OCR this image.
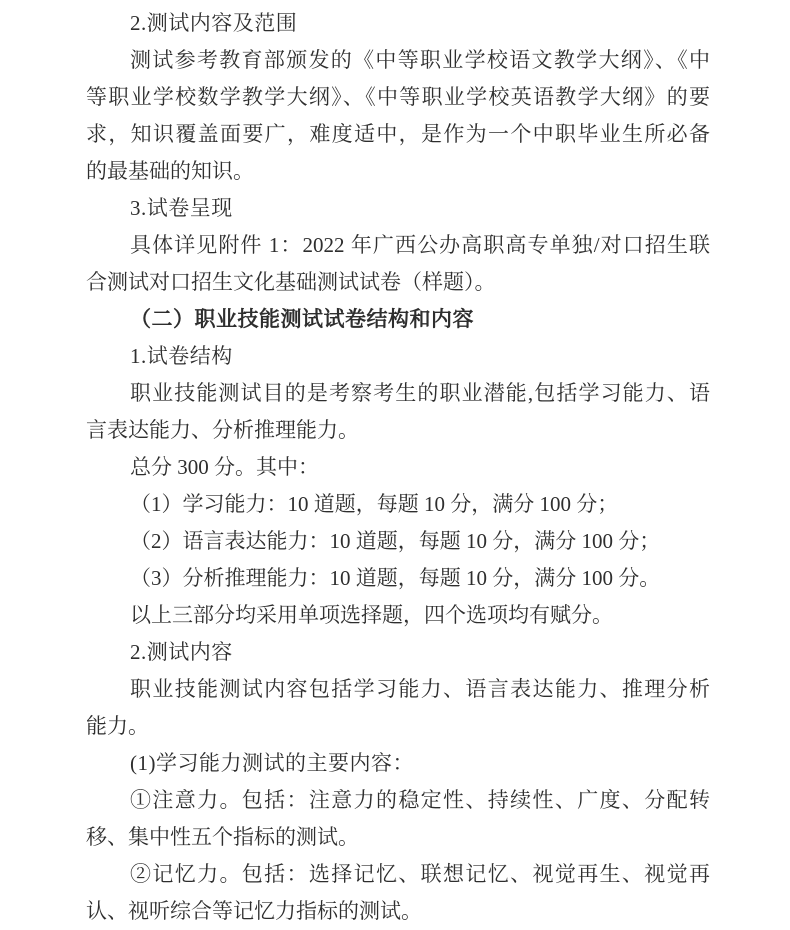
2.测试内容及范围
测试参考教育部颁发的《中等职业学校语文教学大纲》、《中
等职业学校数学教学大纲》、《中等职业学校英语教学大纲》的要
求，知识覆盖面要广，难度适中，是作为一个中职毕业生所必备
的最基础的知识。
3.试卷呈现
具体详见附件 1：2022 年广西公办高职高专单独/对口招生联
合测试对口招生文化基础测试试卷（样题）。
（二）职业技能测试试卷结构和内容
1.试卷结构
职业技能测试目的是考察考生的职业潜能,包括学习能力、语
言表达能力、分析推理能力。
总分 300 分。其中：
（1）学习能力：10 道题，每题 10 分，满分 100 分；
（2）语言表达能力：10 道题，每题 10 分，满分 100 分；
（3）分析推理能力：10 道题，每题 10 分，满分 100 分。
以上三部分均采用单项选择题，四个选项均有赋分。
2.测试内容
职业技能测试内容包括学习能力、语言表达能力、推理分析
能力。
(1)学习能力测试的主要内容：
①注意力。包括：注意力的稳定性、持续性、广度、分配转
移、集中性五个指标的测试。
②记忆力。包括：选择记忆、联想记忆、视觉再生、视觉再
认、视听综合等记忆力指标的测试。
